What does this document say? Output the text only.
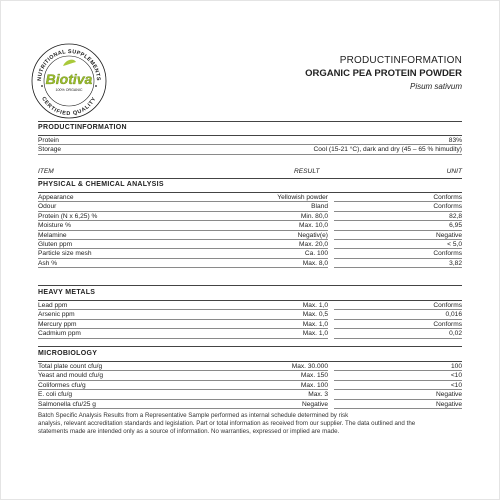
NUTRITIONAL SUPPLEMENTS
CERTIFIED QUALITY
Biotiva
100% ORGANIC
PRODUCTINFORMATION
ORGANIC PEA PROTEIN POWDER
Pisum sativum
PRODUCTINFORMATION
Protein	83%
Storage	Cool (15-21 °C), dark and dry (45 – 65 % himudity)
ITEM	RESULT	UNIT
PHYSICAL & CHEMICAL ANALYSIS
Appearance	Yellowish powder	Conforms
Odour	Bland	Conforms
Protein (N x 6,25) %	Min. 80,0	82,8
Moisture %	Max. 10,0	6,95
Melamine	Negativ(e)	Negative
Gluten ppm	Max. 20,0	< 5,0
Particle size mesh	Ca. 100	Conforms
Ash %	Max. 8,0	3,82
HEAVY METALS
Lead ppm	Max. 1,0	Conforms
Arsenic ppm	Max. 0,5	0,016
Mercury ppm	Max. 1,0	Conforms
Cadmium ppm	Max. 1,0	0,02
MICROBIOLOGY
Total plate count cfu/g	Max. 30.000	100
Yeast and mould cfu/g	Max. 150	<10
Coliformes cfu/g	Max. 100	<10
E. coli cfu/g	Max. 3	Negative
Salmonella cfu/25 g	Negative	Negative
Batch Specific Analysis Results from a Representative Sample performed as internal schedule determined by risk
analysis, relevant accreditation standards and legislation. Part or total information as received from our supplier. The data outlined and the
statements made are intended only as a source of information. No warranties, expressed or implied are made.
